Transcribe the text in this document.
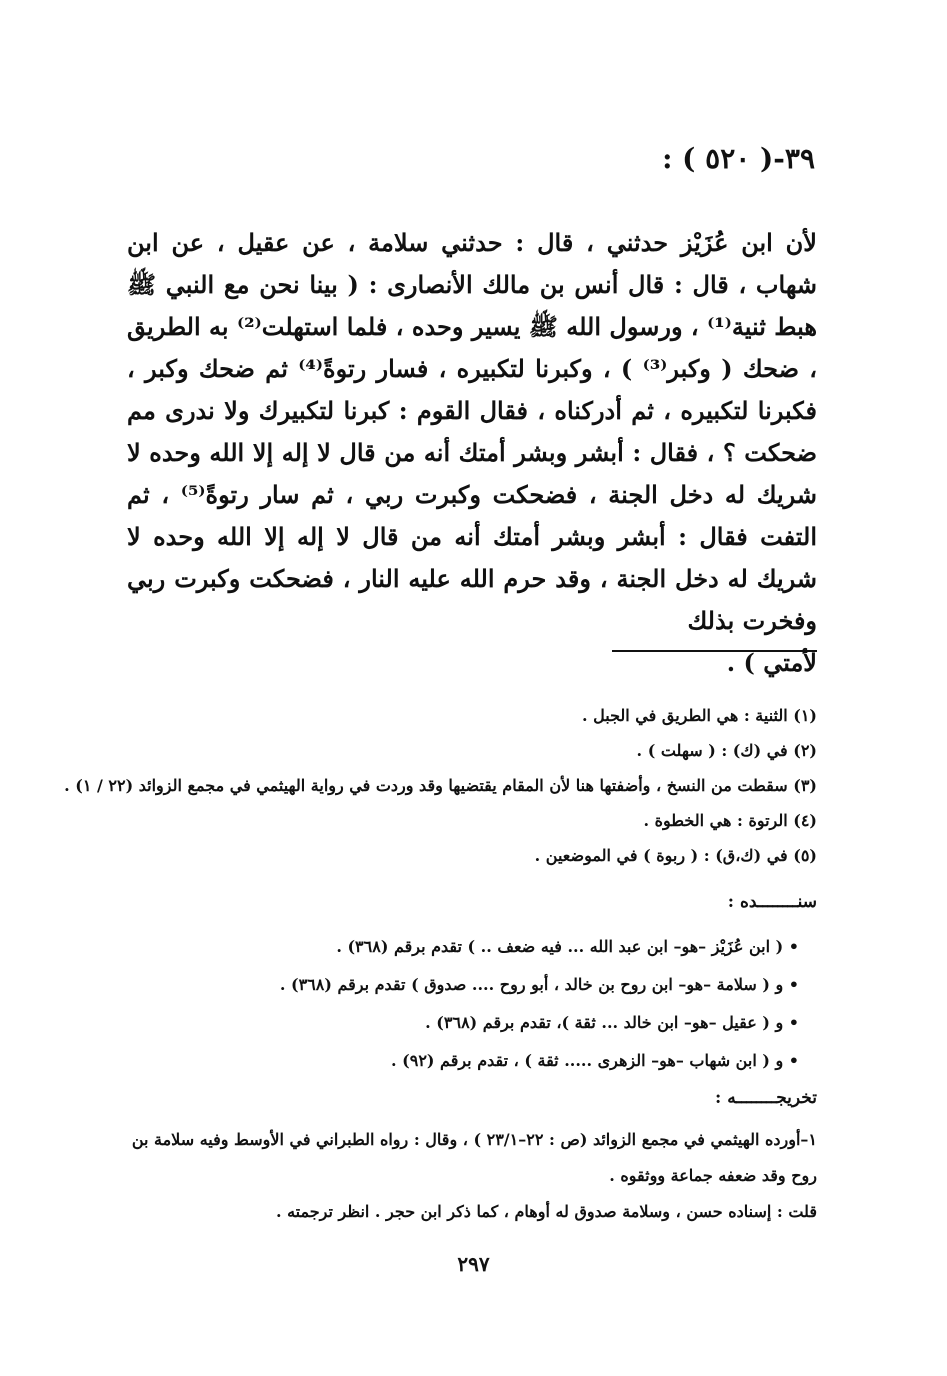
٣٩-( ٥٢٠ ) :
لأن ابن عُزَيْز حدثني ، قال : حدثني سلامة ، عن عقيل ، عن ابن شهاب ، قال : قال أنس بن مالك الأنصارى : ( بينا نحن مع النبي ﷺ هبط ثنية⁽¹⁾ ، ورسول الله ﷺ يسير وحده ، فلما استهلت⁽²⁾ به الطريق ، ضحك ( وكبر⁽³⁾ ) ، وكبرنا لتكبيره ، فسار رتوةً⁽⁴⁾ ثم ضحك وكبر ، فكبرنا لتكبيره ، ثم أدركناه ، فقال القوم : كبرنا لتكبيرك ولا ندرى مم ضحكت ؟ ، فقال : أبشر وبشر أمتك أنه من قال لا إله إلا الله وحده لا شريك له دخل الجنة ، فضحكت وكبرت ربي ، ثم سار رتوةً⁽⁵⁾ ، ثم التفت فقال : أبشر وبشر أمتك أنه من قال لا إله إلا الله وحده لا شريك له دخل الجنة ، وقد حرم الله عليه النار ، فضحكت وكبرت ربي وفخرت بذلك
لأمتي ) .
(١) الثنية : هي الطريق في الجبل .
(٢) في (ك) : ( سهلت ) .
(٣) سقطت من النسخ ، وأضفتها هنا لأن المقام يقتضيها وقد وردت في رواية الهيثمي في مجمع الزوائد (٢٢ / ١) .
(٤) الرتوة : هي الخطوة .
(٥) في (ك،ق) : ( ربوة ) في الموضعين .
سنــــــــده :
• ( ابن عُزَيْز –هو– ابن عبد الله ... فيه ضعف .. ) تقدم برقم (٣٦٨) .
• و ( سلامة –هو– ابن روح بن خالد ، أبو روح .... صدوق ) تقدم برقم (٣٦٨) .
• و ( عقيل –هو– ابن خالد ... ثقة )، تقدم برقم (٣٦٨) .
• و ( ابن شهاب –هو– الزهرى ..... ثقة ) ، تقدم برقم (٩٢) .
تخريجــــــــه :
١–أورده الهيثمي في مجمع الزوائد (ص : ٢٢–٢٣/١ ) ، وقال : رواه الطبراني في الأوسط وفيه سلامة بن روح وقد ضعفه جماعة ووثقوه .
قلت : إسناده حسن ، وسلامة صدوق له أوهام ، كما ذكر ابن حجر . انظر ترجمته .
٢٩٧
